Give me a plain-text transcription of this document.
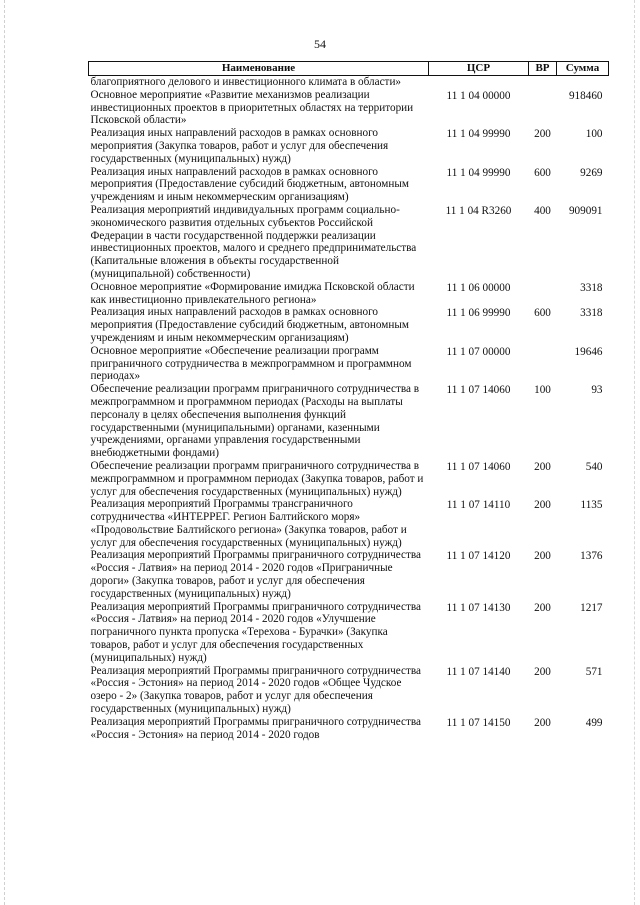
54
Наименование	ЦСР	ВР	Сумма
благоприятного делового и инвестиционного климата в области»			
Основное мероприятие «Развитие механизмов реализации инвестиционных проектов в приоритетных областях на территории Псковской области»	11 1 04 00000		918460
Реализация иных направлений расходов в рамках основного мероприятия (Закупка товаров, работ и услуг для обеспечения государственных (муниципальных) нужд)	11 1 04 99990	200	100
Реализация иных направлений расходов в рамках основного мероприятия (Предоставление субсидий бюджетным, автономным учреждениям и иным некоммерческим организациям)	11 1 04 99990	600	9269
Реализация мероприятий индивидуальных программ социально-экономического развития отдельных субъектов Российской Федерации в части государственной поддержки реализации инвестиционных проектов, малого и среднего предпринимательства (Капитальные вложения в объекты государственной (муниципальной) собственности)	11 1 04 R3260	400	909091
Основное мероприятие «Формирование имиджа Псковской области как инвестиционно привлекательного региона»	11 1 06 00000		3318
Реализация иных направлений расходов в рамках основного мероприятия (Предоставление субсидий бюджетным, автономным учреждениям и иным некоммерческим организациям)	11 1 06 99990	600	3318
Основное мероприятие «Обеспечение реализации программ приграничного сотрудничества в межпрограммном и программном периодах»	11 1 07 00000		19646
Обеспечение реализации программ приграничного сотрудничества в межпрограммном и программном периодах (Расходы на выплаты персоналу в целях обеспечения выполнения функций государственными (муниципальными) органами, казенными учреждениями, органами управления государственными внебюджетными фондами)	11 1 07 14060	100	93
Обеспечение реализации программ приграничного сотрудничества в межпрограммном и программном периодах (Закупка товаров, работ и услуг для обеспечения государственных (муниципальных) нужд)	11 1 07 14060	200	540
Реализация мероприятий Программы трансграничного сотрудничества «ИНТЕРРЕГ. Регион Балтийского моря» «Продовольствие Балтийского региона» (Закупка товаров, работ и услуг для обеспечения государственных (муниципальных) нужд)	11 1 07 14110	200	1135
Реализация мероприятий Программы приграничного сотрудничества «Россия - Латвия» на период 2014 - 2020 годов «Приграничные дороги» (Закупка товаров, работ и услуг для обеспечения государственных (муниципальных) нужд)	11 1 07 14120	200	1376
Реализация мероприятий Программы приграничного сотрудничества «Россия - Латвия» на период 2014 - 2020 годов «Улучшение пограничного пункта пропуска «Терехова - Бурачки» (Закупка товаров, работ и услуг для обеспечения государственных (муниципальных) нужд)	11 1 07 14130	200	1217
Реализация мероприятий Программы приграничного сотрудничества «Россия - Эстония» на период 2014 - 2020 годов «Общее Чудское озеро - 2» (Закупка товаров, работ и услуг для обеспечения государственных (муниципальных) нужд)	11 1 07 14140	200	571
Реализация мероприятий Программы приграничного сотрудничества «Россия - Эстония» на период 2014 - 2020 годов	11 1 07 14150	200	499
